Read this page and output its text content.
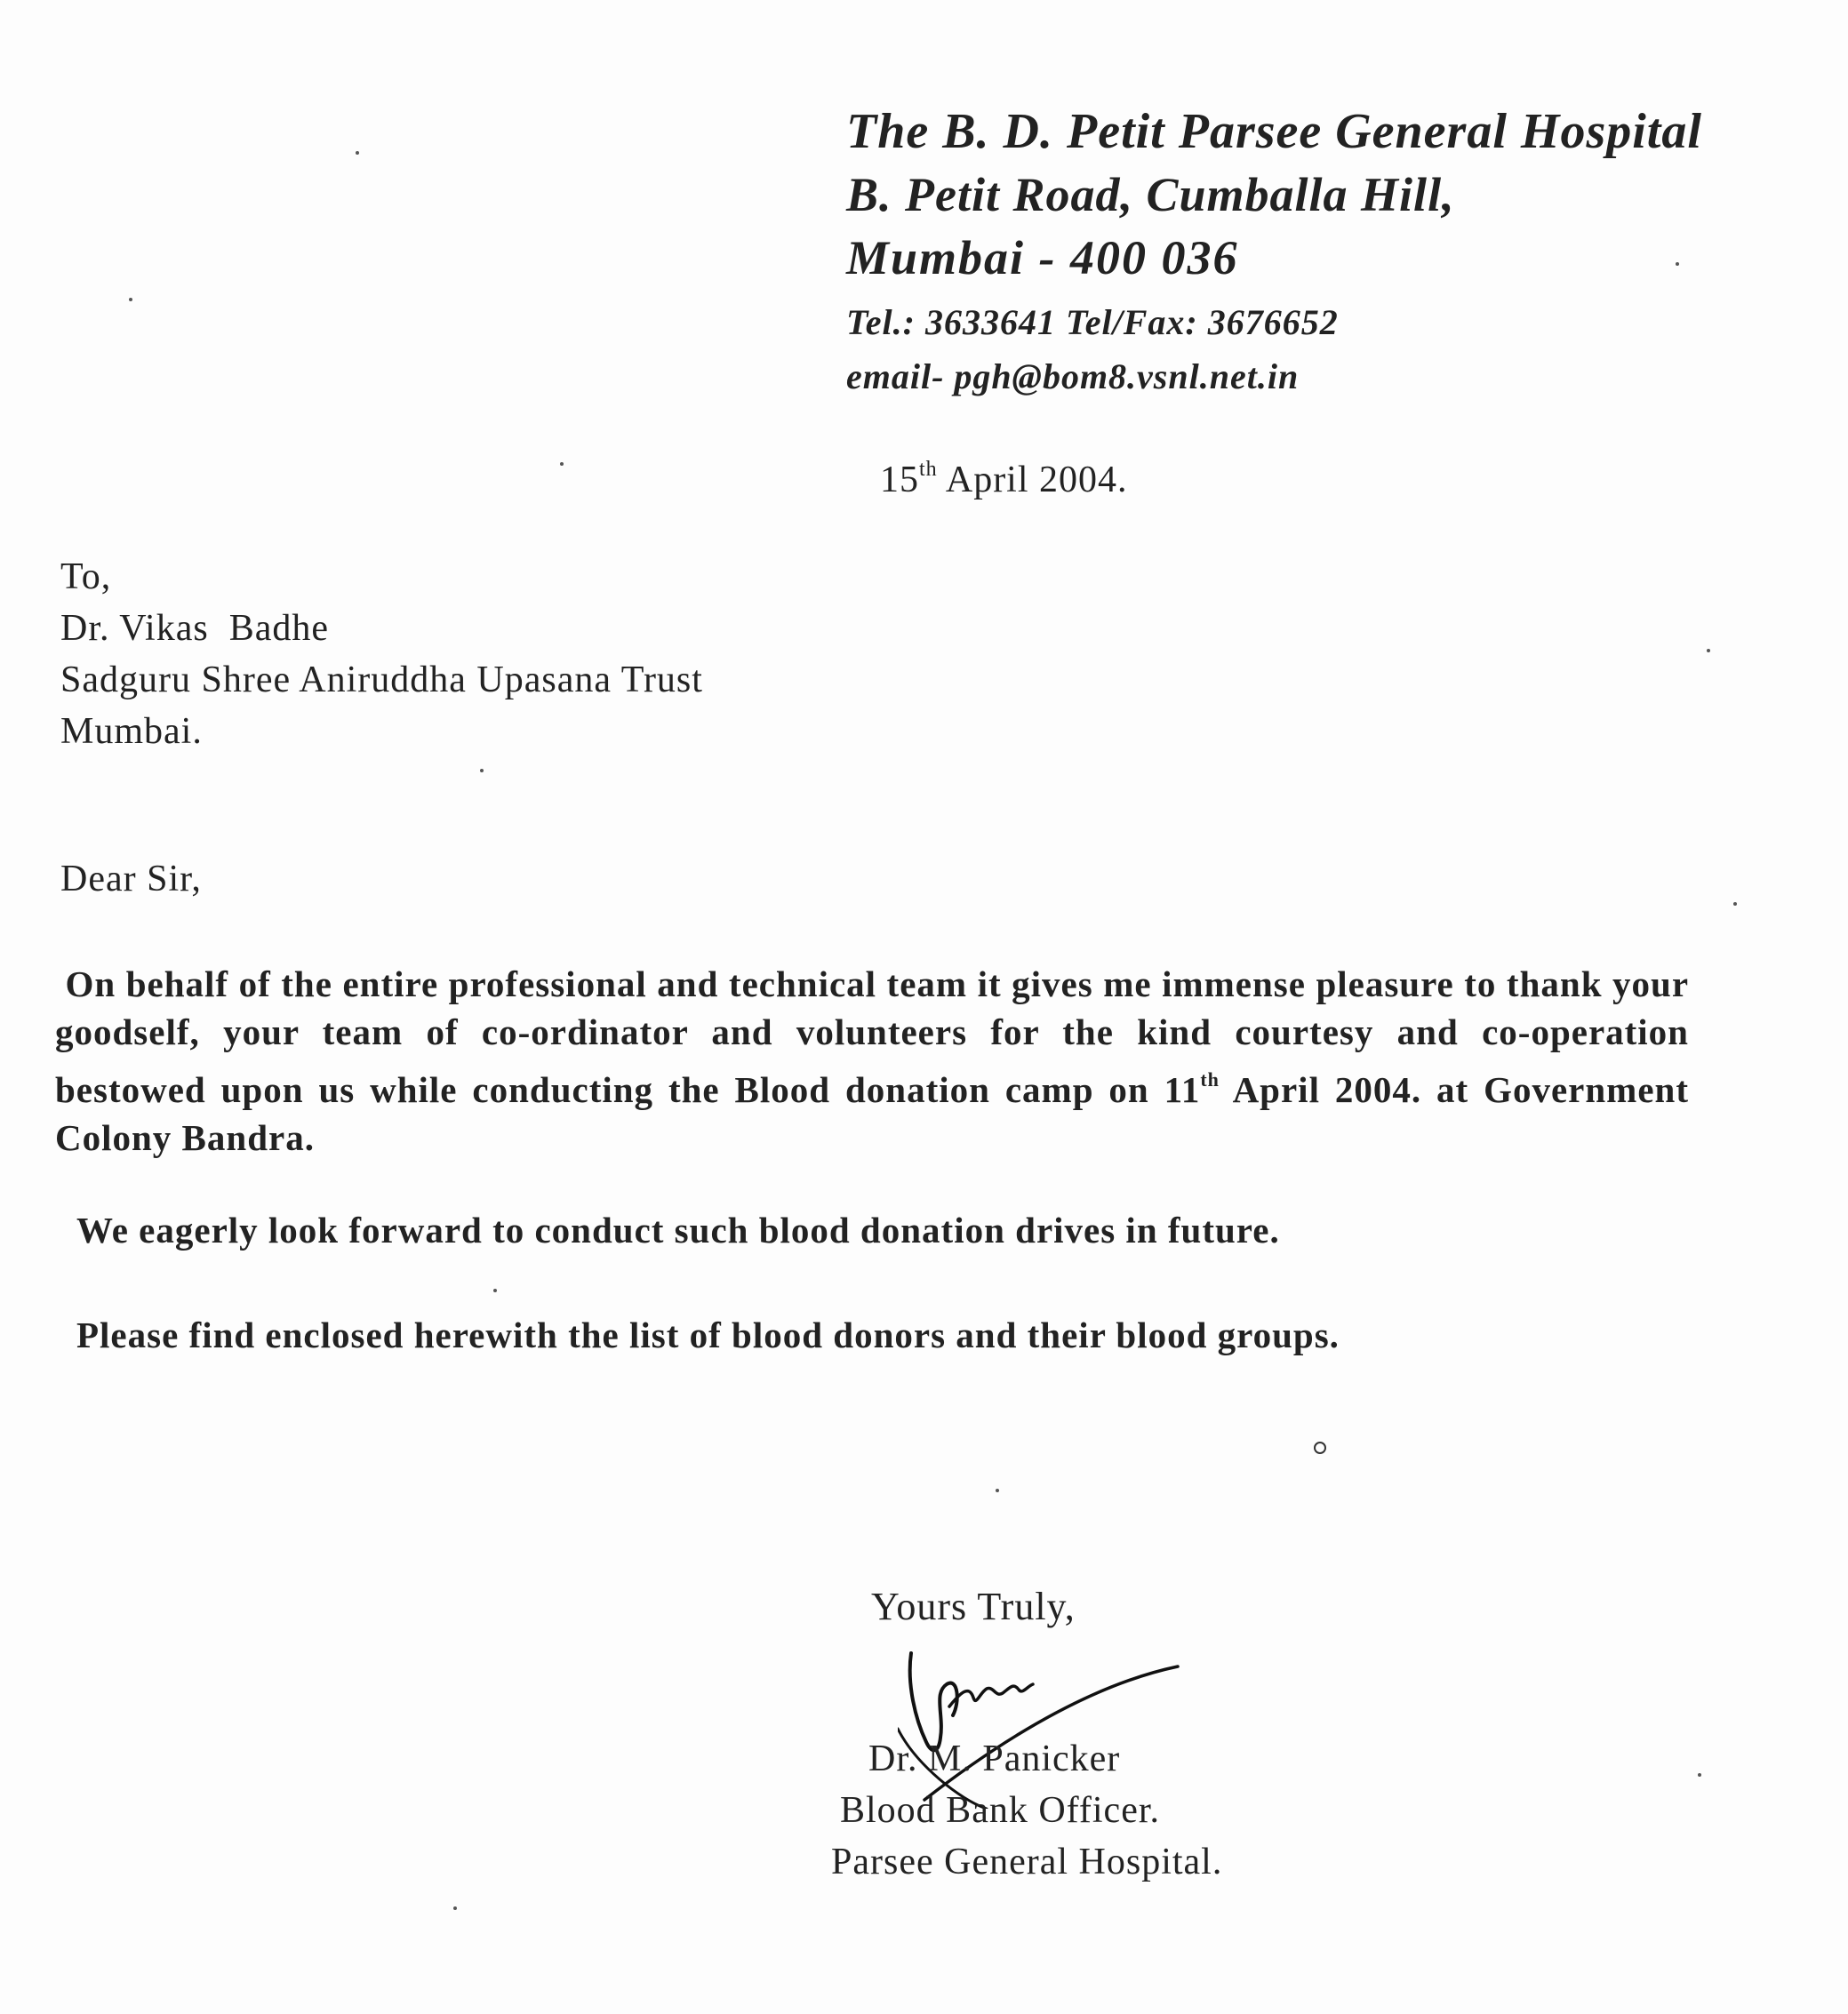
The B. D. Petit Parsee General Hospital
B. Petit Road, Cumballa Hill,
Mumbai - 400 036
Tel.: 3633641 Tel/Fax: 3676652
email- pgh@bom8.vsnl.net.in
15th April 2004.
To,
Dr. Vikas  Badhe
Sadguru Shree Aniruddha Upasana Trust
Mumbai.
Dear Sir,
On behalf of the entire professional and technical team it gives me immense pleasure to thank your goodself, your team of co-ordinator and volunteers for the kind courtesy and co-operation bestowed upon us while conducting the Blood donation camp on 11th April 2004. at Government Colony Bandra.
We eagerly look forward to conduct such blood donation drives in future.
Please find enclosed herewith the list of blood donors and their blood groups.
Yours Truly,
Dr. M. Panicker
Blood Bank Officer.
Parsee General Hospital.
